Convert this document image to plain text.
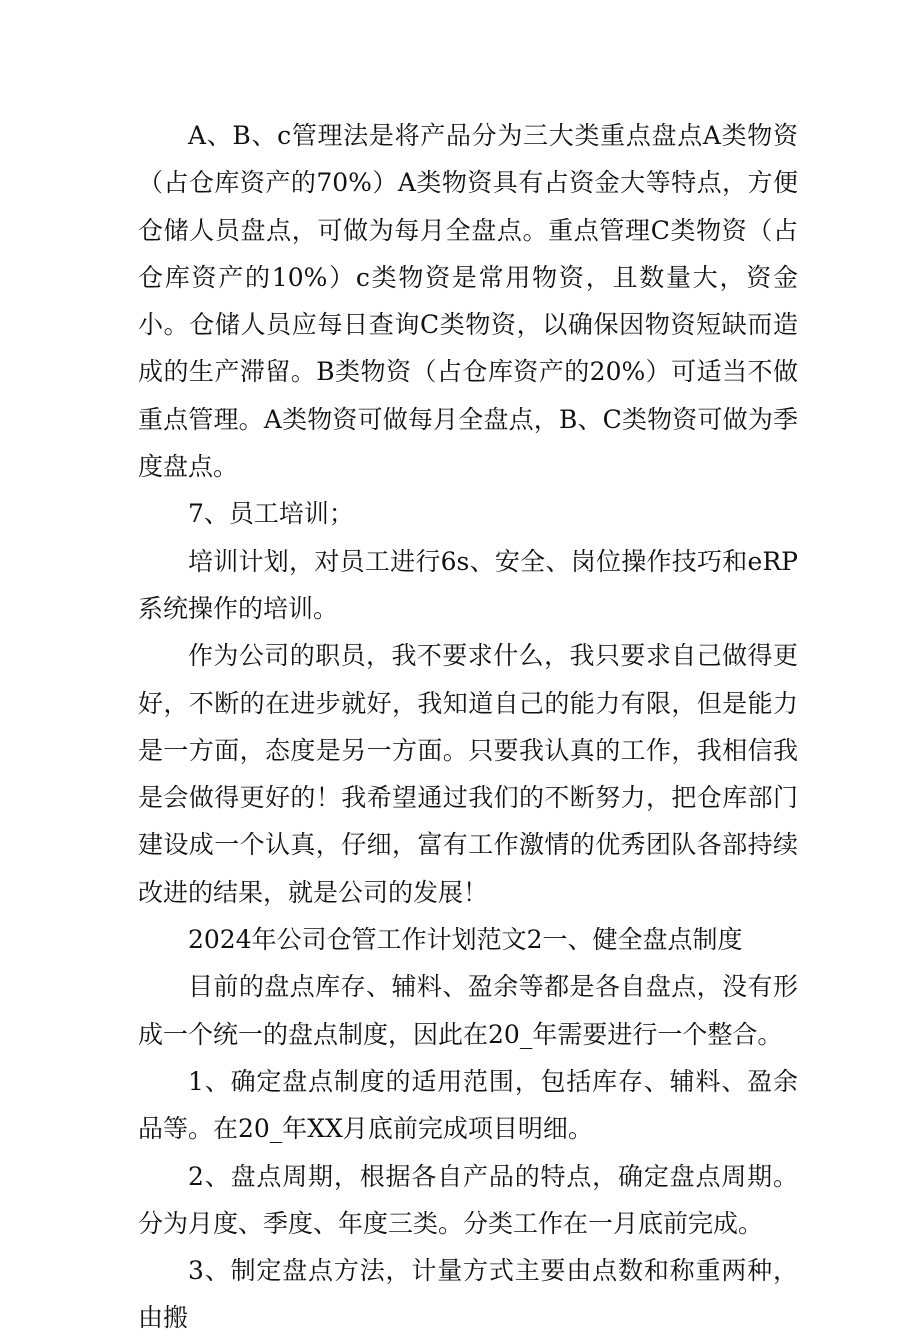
A、B、c管理法是将产品分为三大类重点盘点A类物资（占仓库资产的70%）A类物资具有占资金大等特点，方便仓储人员盘点，可做为每月全盘点。重点管理C类物资（占仓库资产的10%）c类物资是常用物资，且数量大，资金小。仓储人员应每日查询C类物资，以确保因物资短缺而造成的生产滞留。B类物资（占仓库资产的20%）可适当不做重点管理。A类物资可做每月全盘点，B、C类物资可做为季度盘点。

7、员工培训；

培训计划，对员工进行6s、安全、岗位操作技巧和eRP系统操作的培训。

作为公司的职员，我不要求什么，我只要求自己做得更好，不断的在进步就好，我知道自己的能力有限，但是能力是一方面，态度是另一方面。只要我认真的工作，我相信我是会做得更好的！我希望通过我们的不断努力，把仓库部门建设成一个认真，仔细，富有工作激情的优秀团队各部持续改进的结果，就是公司的发展！

2024年公司仓管工作计划范文2一、健全盘点制度

目前的盘点库存、辅料、盈余等都是各自盘点，没有形成一个统一的盘点制度，因此在20_年需要进行一个整合。

1、确定盘点制度的适用范围，包括库存、辅料、盈余品等。在20_年XX月底前完成项目明细。

2、盘点周期，根据各自产品的特点，确定盘点周期。分为月度、季度、年度三类。分类工作在一月底前完成。

3、制定盘点方法，计量方式主要由点数和称重两种，由搬
